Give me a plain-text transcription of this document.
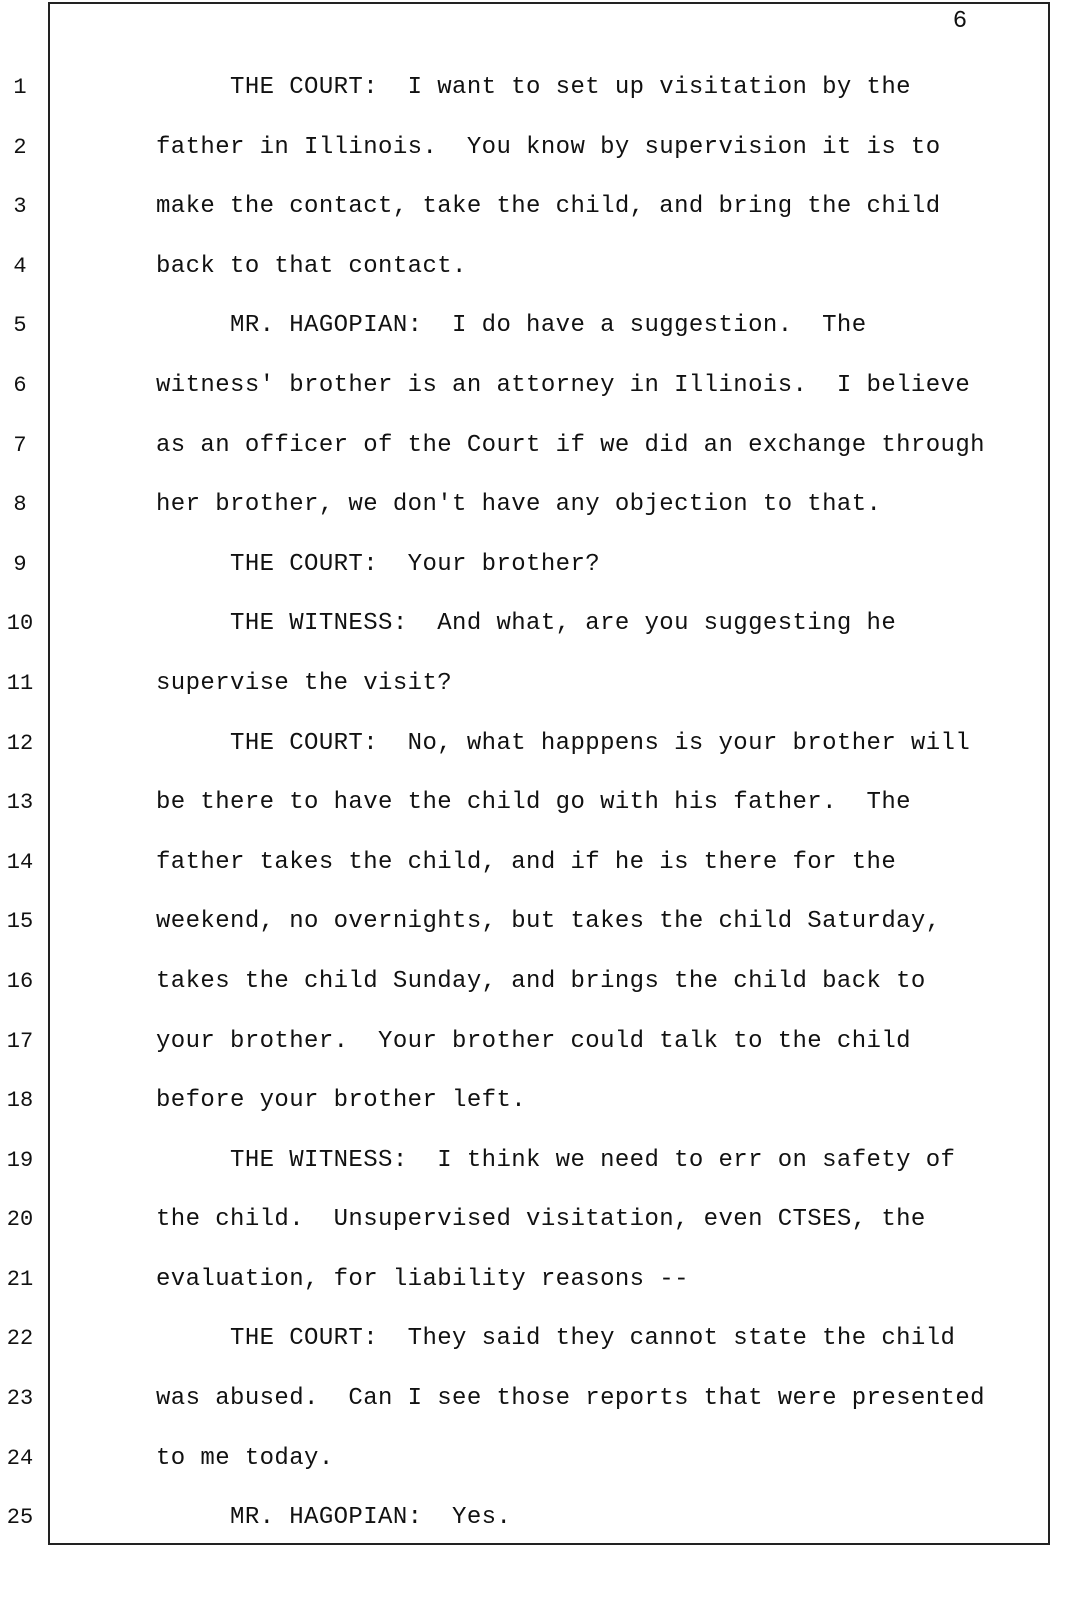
6
1
2
3
4
5
6
7
8
9
10
11
12
13
14
15
16
17
18
19
20
21
22
23
24
25
THE COURT:  I want to set up visitation by the
father in Illinois.  You know by supervision it is to
make the contact, take the child, and bring the child
back to that contact.
MR. HAGOPIAN:  I do have a suggestion.  The
witness' brother is an attorney in Illinois.  I believe
as an officer of the Court if we did an exchange through
her brother, we don't have any objection to that.
THE COURT:  Your brother?
THE WITNESS:  And what, are you suggesting he
supervise the visit?
THE COURT:  No, what happpens is your brother will
be there to have the child go with his father.  The
father takes the child, and if he is there for the
weekend, no overnights, but takes the child Saturday,
takes the child Sunday, and brings the child back to
your brother.  Your brother could talk to the child
before your brother left.
THE WITNESS:  I think we need to err on safety of
the child.  Unsupervised visitation, even CTSES, the
evaluation, for liability reasons --
THE COURT:  They said they cannot state the child
was abused.  Can I see those reports that were presented
to me today.
MR. HAGOPIAN:  Yes.
